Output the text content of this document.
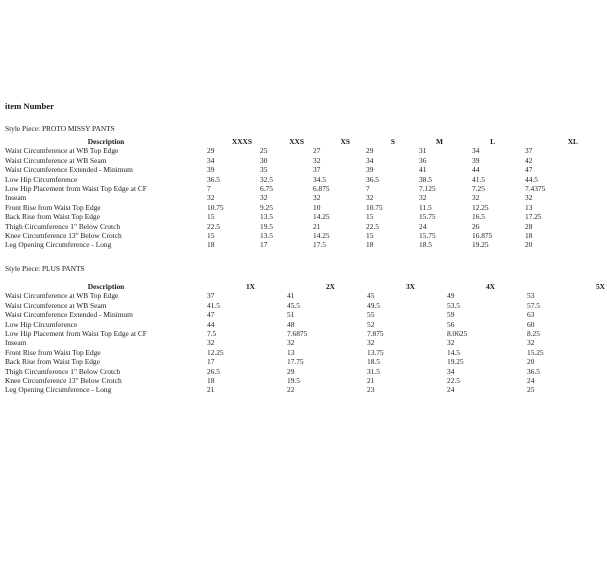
item Number

Style Piece: PROTO MISSY PANTS
Description	XXXS	XXS	XS	S	M	L	XL
Waist Circumference at WB Top Edge	29	25	27	29	31	34	37
Waist Circumference at WB Seam	34	30	32	34	36	39	42
Waist Circumference Extended - Minimum	39	35	37	39	41	44	47
Low Hip Circumference	36.5	32.5	34.5	36.5	38.5	41.5	44.5
Low Hip Placement from Waist Top Edge at CF	7	6.75	6.875	7	7.125	7.25	7.4375
Inseam	32	32	32	32	32	32	32
Front Rise from Waist Top Edge	10.75	9.25	10	10.75	11.5	12.25	13
Back Rise from Waist Top Edge	15	13.5	14.25	15	15.75	16.5	17.25
Thigh Circumference 1" Below Crotch	22.5	19.5	21	22.5	24	26	28
Knee Circumference 13" Below Crotch	15	13.5	14.25	15	15.75	16.875	18
Leg Opening Circumference - Long	18	17	17.5	18	18.5	19.25	20
Style Piece: PLUS PANTS
Description	1X	2X	3X	4X	5X
Waist Circumference at WB Top Edge	37	41	45	49	53
Waist Circumference at WB Seam	41.5	45.5	49.5	53.5	57.5
Waist Circumference Extended - Minimum	47	51	55	59	63
Low Hip Circumference	44	48	52	56	60
Low Hip Placement from Waist Top Edge at CF	7.5	7.6875	7.875	8.0625	8.25
Inseam	32	32	32	32	32
Front Rise from Waist Top Edge	12.25	13	13.75	14.5	15.25
Back Rise from Waist Top Edge	17	17.75	18.5	19.25	20
Thigh Circumference 1" Below Crotch	26.5	29	31.5	34	36.5
Knee Circumference 13" Below Crotch	18	19.5	21	22.5	24
Leg Opening Circumference - Long	21	22	23	24	25
